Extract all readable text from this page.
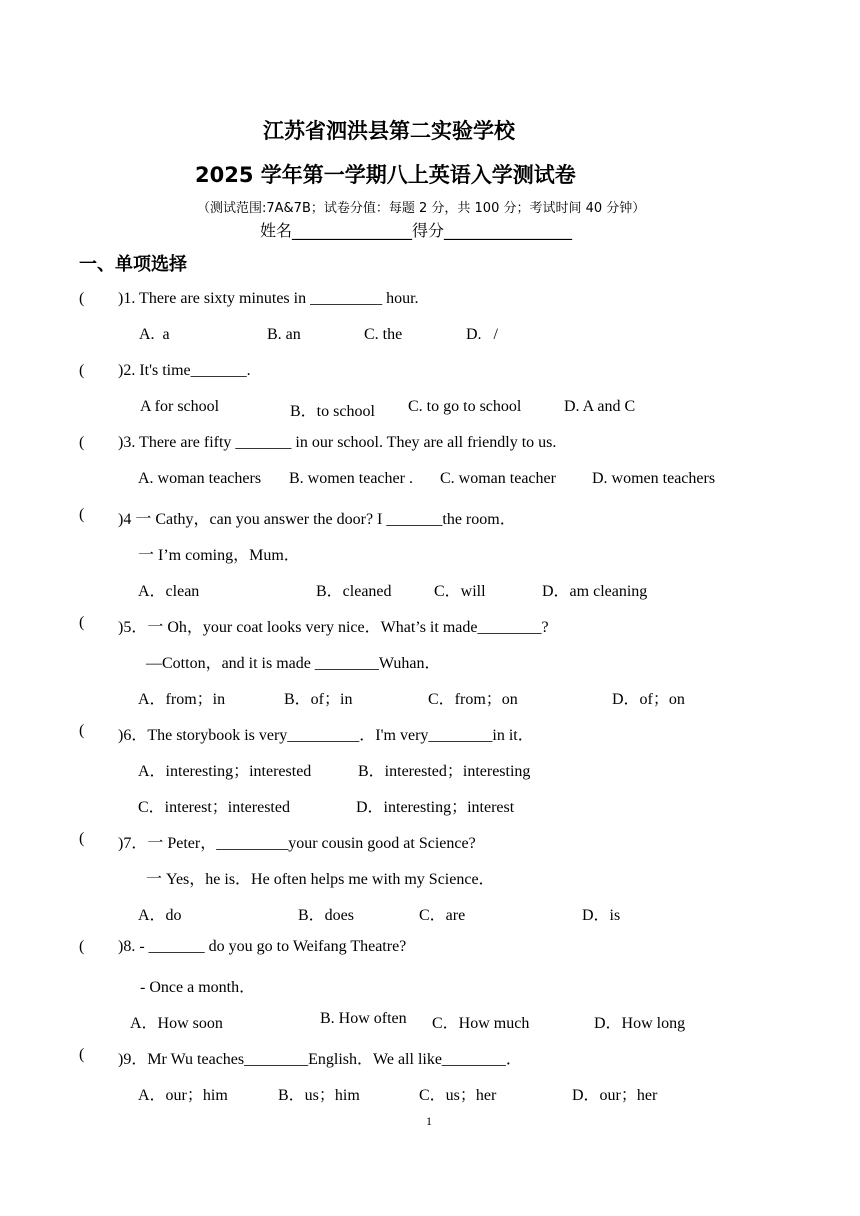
江苏省泗洪县第二实验学校
2025 学年第一学期八上英语入学测试卷
（测试范围:7A&7B；试卷分值：每题 2 分，共 100 分；考试时间 40 分钟）
姓名_______________得分________________
一、单项选择
( )1. There are sixty minutes in _________ hour.
A.  a	B. an	C. the	D.   /
( )2. It's time_______.
A for school	B．to school C. to go to school	D. A and C
( )3. There are fifty _______ in our school. They are all friendly to us.
A. woman teachers B. women teacher . C. woman teacher D. women teachers
( )4 一 Cathy，can you answer the door? I _______the room．
一 I’m coming，Mum．
A．clean	B．cleaned	C．will	D．am cleaning
( )5．一 Oh，your coat looks very nice．What’s it made________?
—Cotton，and it is made ________Wuhan．
A．from；in	B．of；in	C．from；on	D．of；on
( )6．The storybook is very_________．I'm very________in it．
A．interesting；interested	B．interested；interesting
C．interest；interested	D．interesting；interest
( )7．一 Peter，_________your cousin good at Science?
一 Yes，he is．He often helps me with my Science．
A．do	B．does	C．are	D．is
( )8. - _______ do you go to Weifang Theatre?
- Once a month．
A．How soon	B. How often C．How much	D．How long
( )9．Mr Wu teaches________English．We all like________．
A．our；him	B．us；him	C．us；her	D．our；her
1
